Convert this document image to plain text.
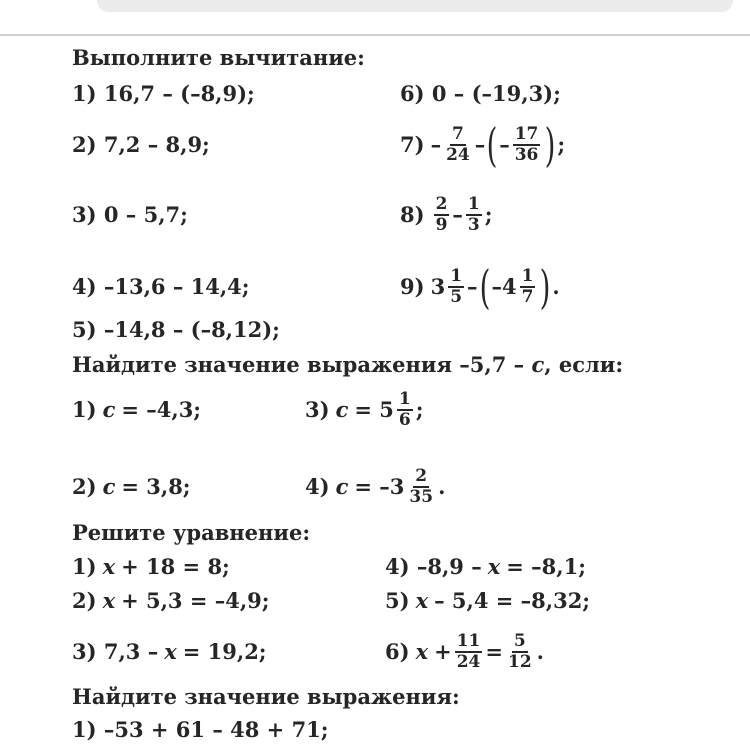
Выполните вычитание:
1) 16,7 – (–8,9);	6) 0 – (–19,3);
2) 7,2 – 8,9;	$7) - \frac{7}{24}$ – ( – $\frac{17}{36}$ ) ;
3) 0 – 5,7;	$8) \frac{2}{9} - \frac{1}{3}$ ;
4) –13,6 – 14,4;	9) $3 \frac{1}{5}$ – ( $-4 \frac{1}{7}$ ) .
5) –14,8 – (–8,12);
Найдите значение выражения –5,7 – c , если:
1) c = –4,3;	3) $c = 5 \frac{1}{6}$ ;
2) c = 3,8;	4) $c = -3 \frac{2}{35}$ .
Решите уравнение:
1) x + 18 = 8;	4) –8,9 – x = –8,1;
2) x + 5,3 = –4,9;	5) x – 5,4 = –8,32;
3) 7,3 – x = 19,2;	6) $x + \frac{11}{24} = \frac{5}{12}$ .
Найдите значение выражения:
1) –53 + 61 – 48 + 71;
